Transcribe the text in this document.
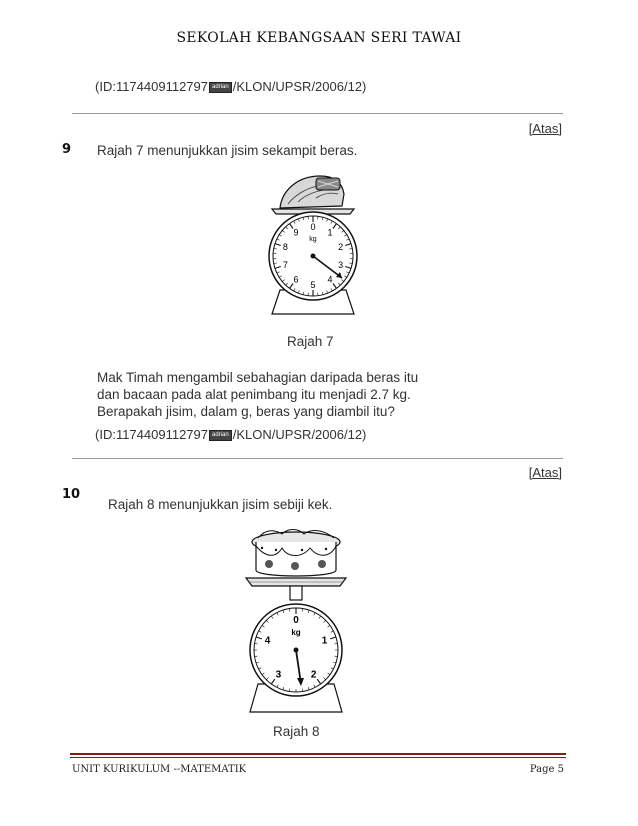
SEKOLAH KEBANGSAAN SERI TAWAI
(ID:1174409112797 adrian /KLON/UPSR/2006/12)
[Atas]
9 Rajah 7 menunjukkan jisim sekampit beras.
kg
0
1
2
3
4
5
6
7
8
9
Rajah 7
Mak Timah mengambil sebahagian daripada beras itu
dan bacaan pada alat penimbang itu menjadi 2.7 kg.
Berapakah jisim, dalam g, beras yang diambil itu?
(ID:1174409112797 adrian /KLON/UPSR/2006/12)
[Atas]
10
Rajah 8 menunjukkan jisim sebiji kek.
kg
0
1
2
3
4
Rajah 8
UNIT KURIKULUM --MATEMATIK	Page 5
